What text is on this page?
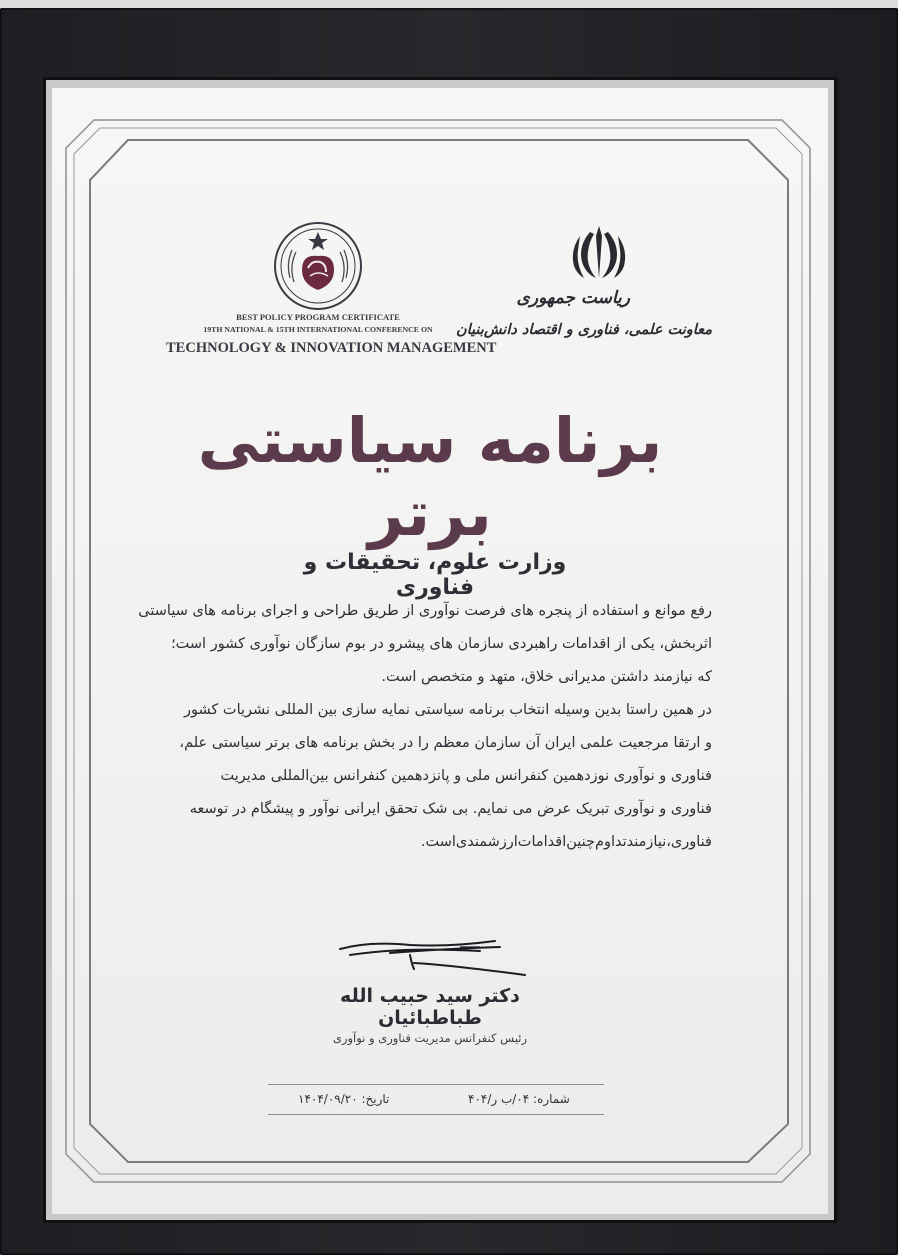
BEST POLICY PROGRAM CERTIFICATE
19TH NATIONAL & 15TH INTERNATIONAL CONFERENCE ON
TECHNOLOGY & INNOVATION MANAGEMENT
ریاست جمهوری
معاونت علمی، فناوری و اقتصاد دانش‌بنیان
برنامه سیاستی برتر
وزارت علوم، تحقیقات و فناوری
رفع موانع و استفاده از پنجره های فرصت نوآوری از طریق طراحی و اجرای برنامه های سیاستی
اثربخش، یکی از اقدامات راهبردی سازمان های پیشرو در بوم سازگان نوآوری کشور است؛
که نیازمند داشتن مدیرانی خلاق، متهد و متخصص است.
در همین راستا بدین وسیله انتخاب برنامه سیاستی نمایه سازی بین المللی نشریات کشور
و ارتقا مرجعیت علمی ایران آن سازمان معظم را در بخش برنامه های برتر سیاستی علم،
فناوری و نوآوری نوزدهمین کنفرانس ملی و پانزدهمین کنفرانس بین‌المللی مدیریت
فناوری و نوآوری تبریک عرض می نمایم. بی شک تحقق ایرانی نوآور و پیشگام در توسعه
فناوری،نیازمندتداوم‌چنین‌اقدامات‌ارزشمندی‌است.
دکتر سید حبیب الله طباطبائیان
رئیس کنفرانس مدیریت فناوری و نوآوری
شماره: ۰۴/ب ر/۴۰۴
تاریخ: ۱۴۰۴/۰۹/۲۰
